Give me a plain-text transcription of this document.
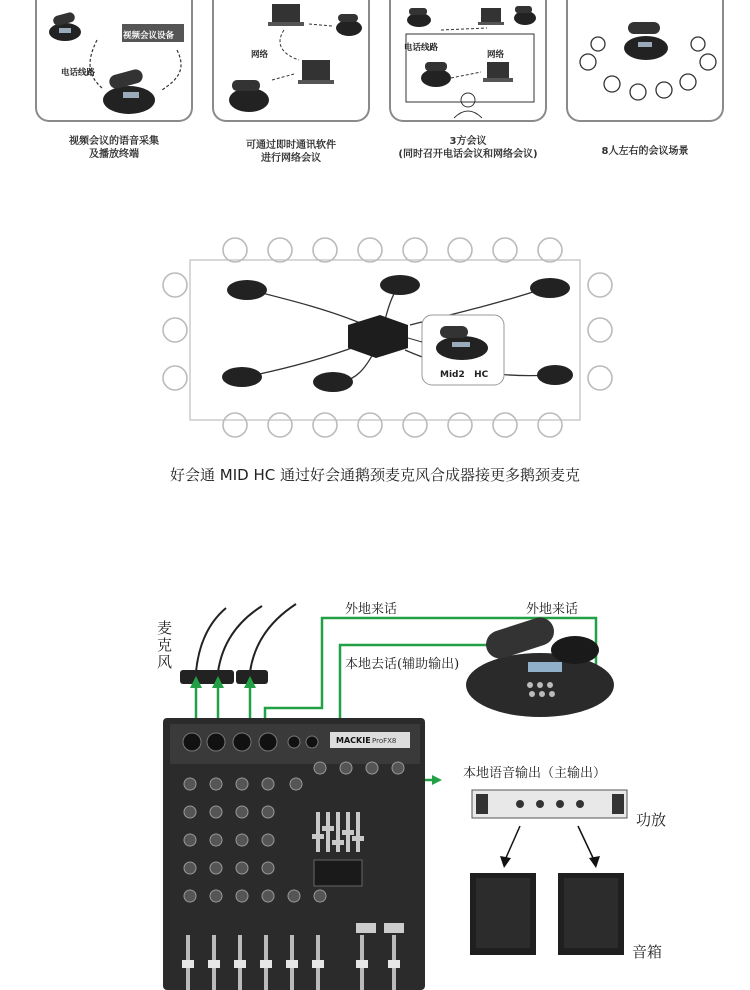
视频会议设备
电话线路
网络
电话线路
网络
视频会议的语音采集
及播放终端
可通过即时通讯软件
进行网络会议
3方会议
(同时召开电话会议和网络会议)	8人左右的会议场景
Mid2   HC
好会通 MID HC 通过好会通鹅颈麦克风合成器接更多鹅颈麦克
麦克风
外地来话	外地来话
本地去话(辅助输出)
本地语音输出（主输出）
功放
音箱
MACKIE ProFX8
